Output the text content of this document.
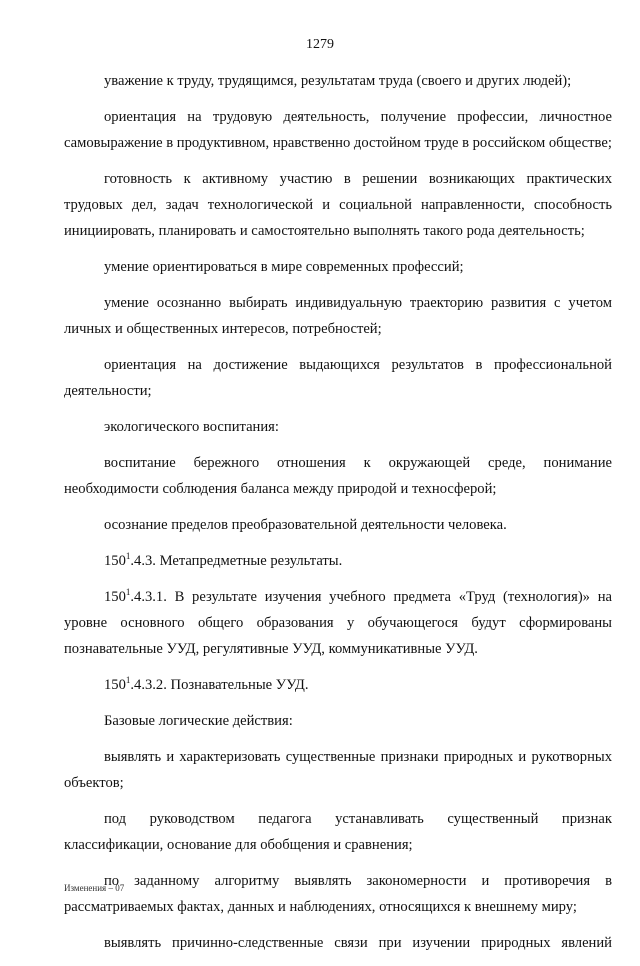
1279

уважение к труду, трудящимся, результатам труда (своего и других людей);

ориентация на трудовую деятельность, получение профессии, личностное самовыражение в продуктивном, нравственно достойном труде в российском обществе;

готовность к активному участию в решении возникающих практических трудовых дел, задач технологической и социальной направленности, способность инициировать, планировать и самостоятельно выполнять такого рода деятельность;

умение ориентироваться в мире современных профессий;

умение осознанно выбирать индивидуальную траекторию развития с учетом личных и общественных интересов, потребностей;

ориентация на достижение выдающихся результатов в профессиональной деятельности;

экологического воспитания:

воспитание бережного отношения к окружающей среде, понимание необходимости соблюдения баланса между природой и техносферой;

осознание пределов преобразовательной деятельности человека.

$150^1.4.3$. Метапредметные результаты.

$150^1.4.3.1$. В результате изучения учебного предмета «Труд (технология)» на уровне основного общего образования у обучающегося будут сформированы познавательные УУД, регулятивные УУД, коммуникативные УУД.

$150^1.4.3.2$. Познавательные УУД.

Базовые логические действия:

выявлять и характеризовать существенные признаки природных и рукотворных объектов;

под руководством педагога устанавливать существенный признак классификации, основание для обобщения и сравнения;

по заданному алгоритму выявлять закономерности и противоречия в рассматриваемых фактах, данных и наблюдениях, относящихся к внешнему миру;

выявлять причинно-следственные связи при изучении природных явлений

Изменения – 07
